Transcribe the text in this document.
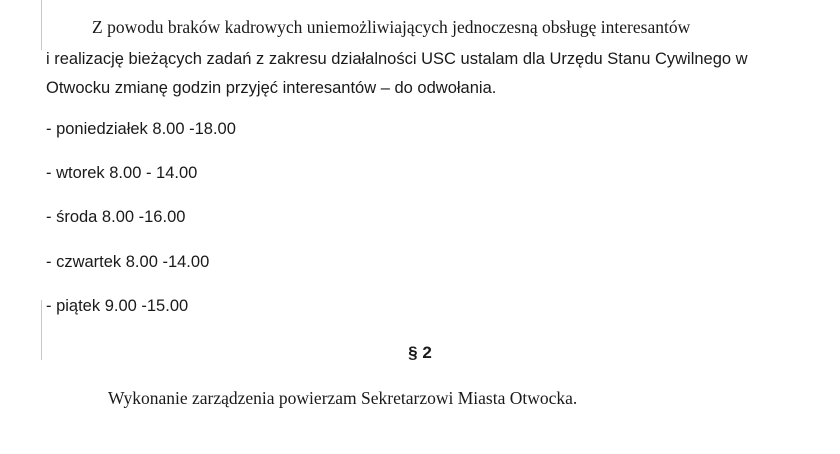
Z powodu braków kadrowych uniemożliwiających jednoczesną obsługę interesantów
i realizację bieżących zadań z zakresu działalności USC ustalam dla Urzędu Stanu Cywilnego w
Otwocku zmianę godzin przyjęć interesantów – do odwołania.
- poniedziałek 8.00 -18.00
- wtorek 8.00 - 14.00
- środa 8.00 -16.00
- czwartek 8.00 -14.00
- piątek 9.00 -15.00
§ 2
Wykonanie zarządzenia powierzam Sekretarzowi Miasta Otwocka.
